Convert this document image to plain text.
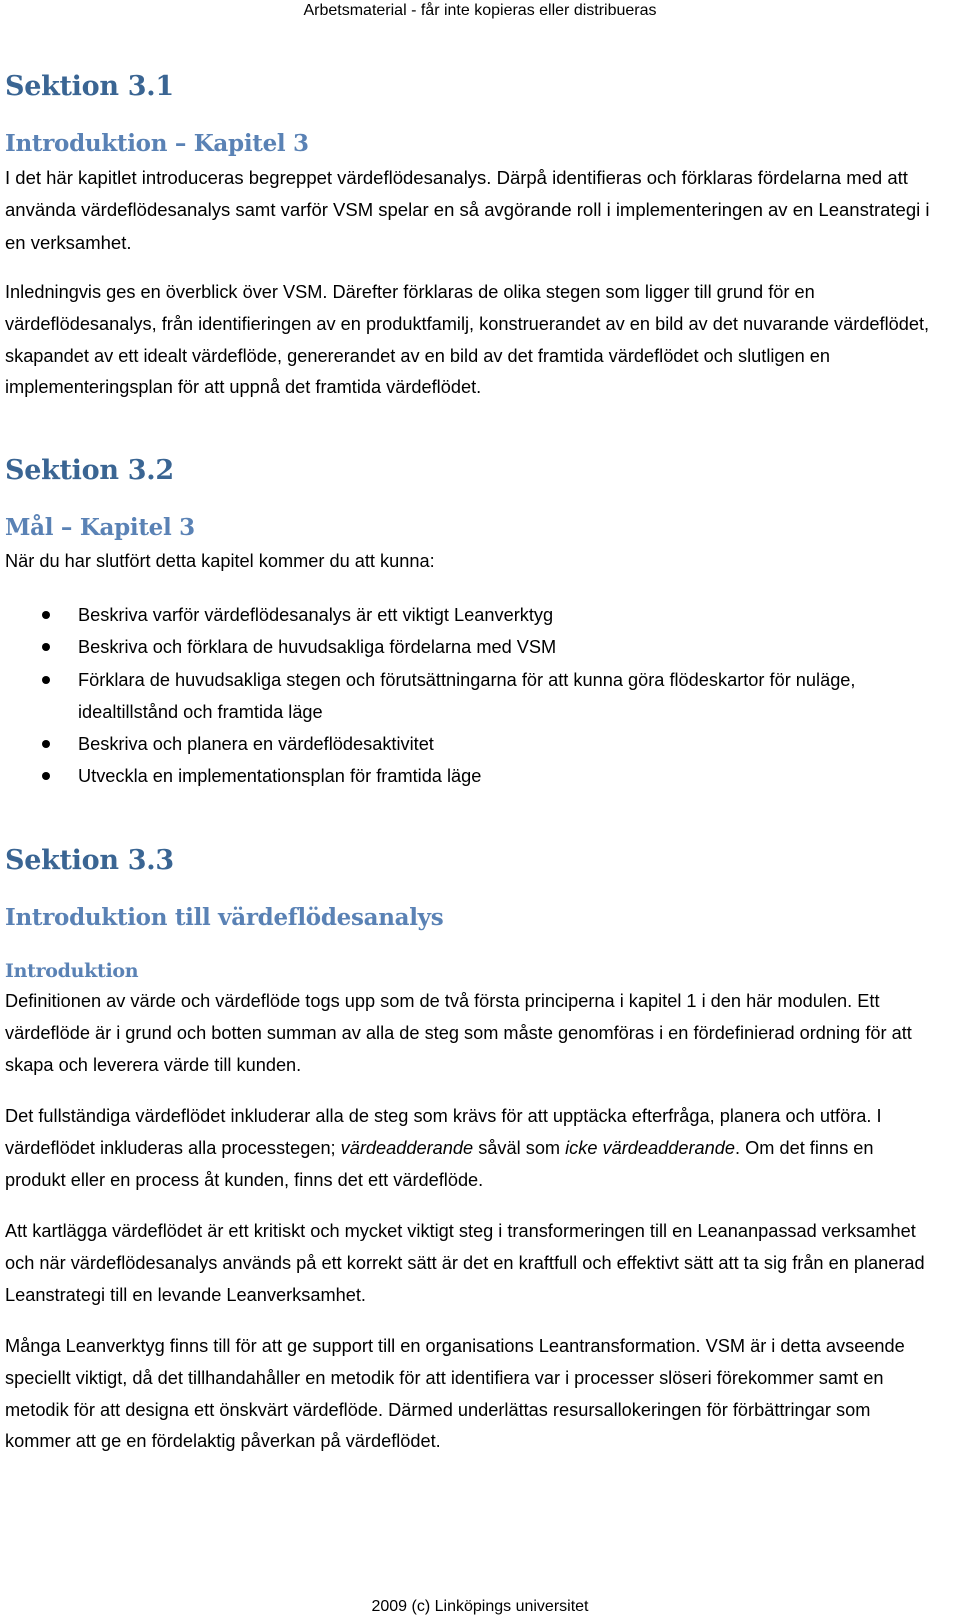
Arbetsmaterial - får inte kopieras eller distribueras
Sektion 3.1
Introduktion – Kapitel 3

I det här kapitlet introduceras begreppet värdeflödesanalys. Därpå identifieras och förklaras fördelarna med att använda värdeflödesanalys samt varför VSM spelar en så avgörande roll i implementeringen av en Leanstrategi i en verksamhet.

Inledningvis ges en överblick över VSM. Därefter förklaras de olika stegen som ligger till grund för en värdeflödesanalys, från identifieringen av en produktfamilj, konstruerandet av en bild av det nuvarande värdeflödet, skapandet av ett idealt värdeflöde, genererandet av en bild av det framtida värdeflödet och slutligen en implementeringsplan för att uppnå det framtida värdeflödet.

Sektion 3.2
Mål – Kapitel 3

När du har slutfört detta kapitel kommer du att kunna:

Beskriva varför värdeflödesanalys är ett viktigt Leanverktyg
Beskriva och förklara de huvudsakliga fördelarna med VSM
Förklara de huvudsakliga stegen och förutsättningarna för att kunna göra flödeskartor för nuläge, idealtillstånd och framtida läge
Beskriva och planera en värdeflödesaktivitet
Utveckla en implementationsplan för framtida läge
Sektion 3.3
Introduktion till värdeflödesanalys
Introduktion

Definitionen av värde och värdeflöde togs upp som de två första principerna i kapitel 1 i den här modulen. Ett värdeflöde är i grund och botten summan av alla de steg som måste genomföras i en fördefinierad ordning för att skapa och leverera värde till kunden.

Det fullständiga värdeflödet inkluderar alla de steg som krävs för att upptäcka efterfråga, planera och utföra. I värdeflödet inkluderas alla processtegen; värdeadderande såväl som icke värdeadderande. Om det finns en produkt eller en process åt kunden, finns det ett värdeflöde.

Att kartlägga värdeflödet är ett kritiskt och mycket viktigt steg i transformeringen till en Leananpassad verksamhet och när värdeflödesanalys används på ett korrekt sätt är det en kraftfull och effektivt sätt att ta sig från en planerad Leanstrategi till en levande Leanverksamhet.

Många Leanverktyg finns till för att ge support till en organisations Leantransformation. VSM är i detta avseende speciellt viktigt, då det tillhandahåller en metodik för att identifiera var i processer slöseri förekommer samt en metodik för att designa ett önskvärt värdeflöde. Därmed underlättas resursallokeringen för förbättringar som kommer att ge en fördelaktig påverkan på värdeflödet.

2009 (c) Linköpings universitet
